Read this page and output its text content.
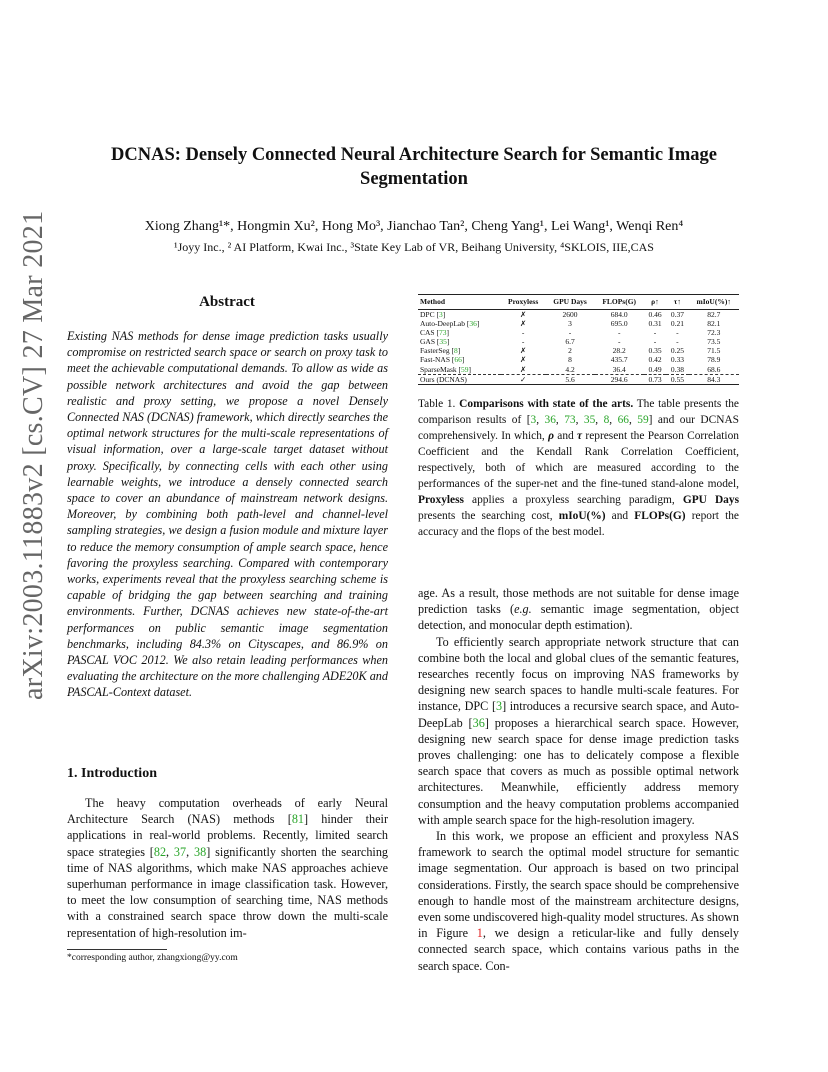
arXiv:2003.11883v2 [cs.CV] 27 Mar 2021
DCNAS: Densely Connected Neural Architecture Search for Semantic Image Segmentation
Xiong Zhang¹*, Hongmin Xu², Hong Mo³, Jianchao Tan², Cheng Yang¹, Lei Wang¹, Wenqi Ren⁴
¹Joyy Inc., ² AI Platform, Kwai Inc., ³State Key Lab of VR, Beihang University, ⁴SKLOIS, IIE,CAS
Abstract
Existing NAS methods for dense image prediction tasks usually compromise on restricted search space or search on proxy task to meet the achievable computational demands. To allow as wide as possible network architectures and avoid the gap between realistic and proxy setting, we propose a novel Densely Connected NAS (DCNAS) framework, which directly searches the optimal network structures for the multi-scale representations of visual information, over a large-scale target dataset without proxy. Specifically, by connecting cells with each other using learnable weights, we introduce a densely connected search space to cover an abundance of mainstream network designs. Moreover, by combining both path-level and channel-level sampling strategies, we design a fusion module and mixture layer to reduce the memory consumption of ample search space, hence favoring the proxyless searching. Compared with contemporary works, experiments reveal that the proxyless searching scheme is capable of bridging the gap between searching and training environments. Further, DCNAS achieves new state-of-the-art performances on public semantic image segmentation benchmarks, including 84.3% on Cityscapes, and 86.9% on PASCAL VOC 2012. We also retain leading performances when evaluating the architecture on the more challenging ADE20K and PASCAL-Context dataset.
1. Introduction
The heavy computation overheads of early Neural Architecture Search (NAS) methods [81] hinder their applications in real-world problems. Recently, limited search space strategies [82, 37, 38] significantly shorten the searching time of NAS algorithms, which make NAS approaches achieve superhuman performance in image classification task. However, to meet the low consumption of searching time, NAS methods with a constrained search space throw down the multi-scale representation of high-resolution im-
*corresponding author, zhangxiong@yy.com
Method	Proxyless	GPU Days	FLOPs(G)	ρ↑	τ↑	mIoU(%)↑
DPC [3]	✗	2600	684.0	0.46	0.37	82.7
Auto-DeepLab [36]	✗	3	695.0	0.31	0.21	82.1
CAS [73]	-	-	-	-	-	72.3
GAS [35]	-	6.7	-	-	-	73.5
FasterSeg [8]	✗	2	28.2	0.35	0.25	71.5
Fast-NAS [66]	✗	8	435.7	0.42	0.33	78.9
SparseMask [59]	✗	4.2	36.4	0.49	0.38	68.6
Ours (DCNAS)	✓	5.6	294.6	0.73	0.55	84.3
Table 1. Comparisons with state of the arts. The table presents the comparison results of [3, 36, 73, 35, 8, 66, 59] and our DCNAS comprehensively. In which, ρ and τ represent the Pearson Correlation Coefficient and the Kendall Rank Correlation Coefficient, respectively, both of which are measured according to the performances of the super-net and the fine-tuned stand-alone model, Proxyless applies a proxyless searching paradigm, GPU Days presents the searching cost, mIoU(%) and FLOPs(G) report the accuracy and the flops of the best model.

age. As a result, those methods are not suitable for dense image prediction tasks (e.g. semantic image segmentation, object detection, and monocular depth estimation).

To efficiently search appropriate network structure that can combine both the local and global clues of the semantic features, researches recently focus on improving NAS frameworks by designing new search spaces to handle multi-scale features. For instance, DPC [3] introduces a recursive search space, and Auto-DeepLab [36] proposes a hierarchical search space. However, designing new search space for dense image prediction tasks proves challenging: one has to delicately compose a flexible search space that covers as much as possible optimal network architectures. Meanwhile, efficiently address memory consumption and the heavy computation problems accompanied with ample search space for the high-resolution imagery.

In this work, we propose an efficient and proxyless NAS framework to search the optimal model structure for semantic image segmentation. Our approach is based on two principal considerations. Firstly, the search space should be comprehensive enough to handle most of the mainstream architecture designs, even some undiscovered high-quality model structures. As shown in Figure 1, we design a reticular-like and fully densely connected search space, which contains various paths in the search space. Con-
